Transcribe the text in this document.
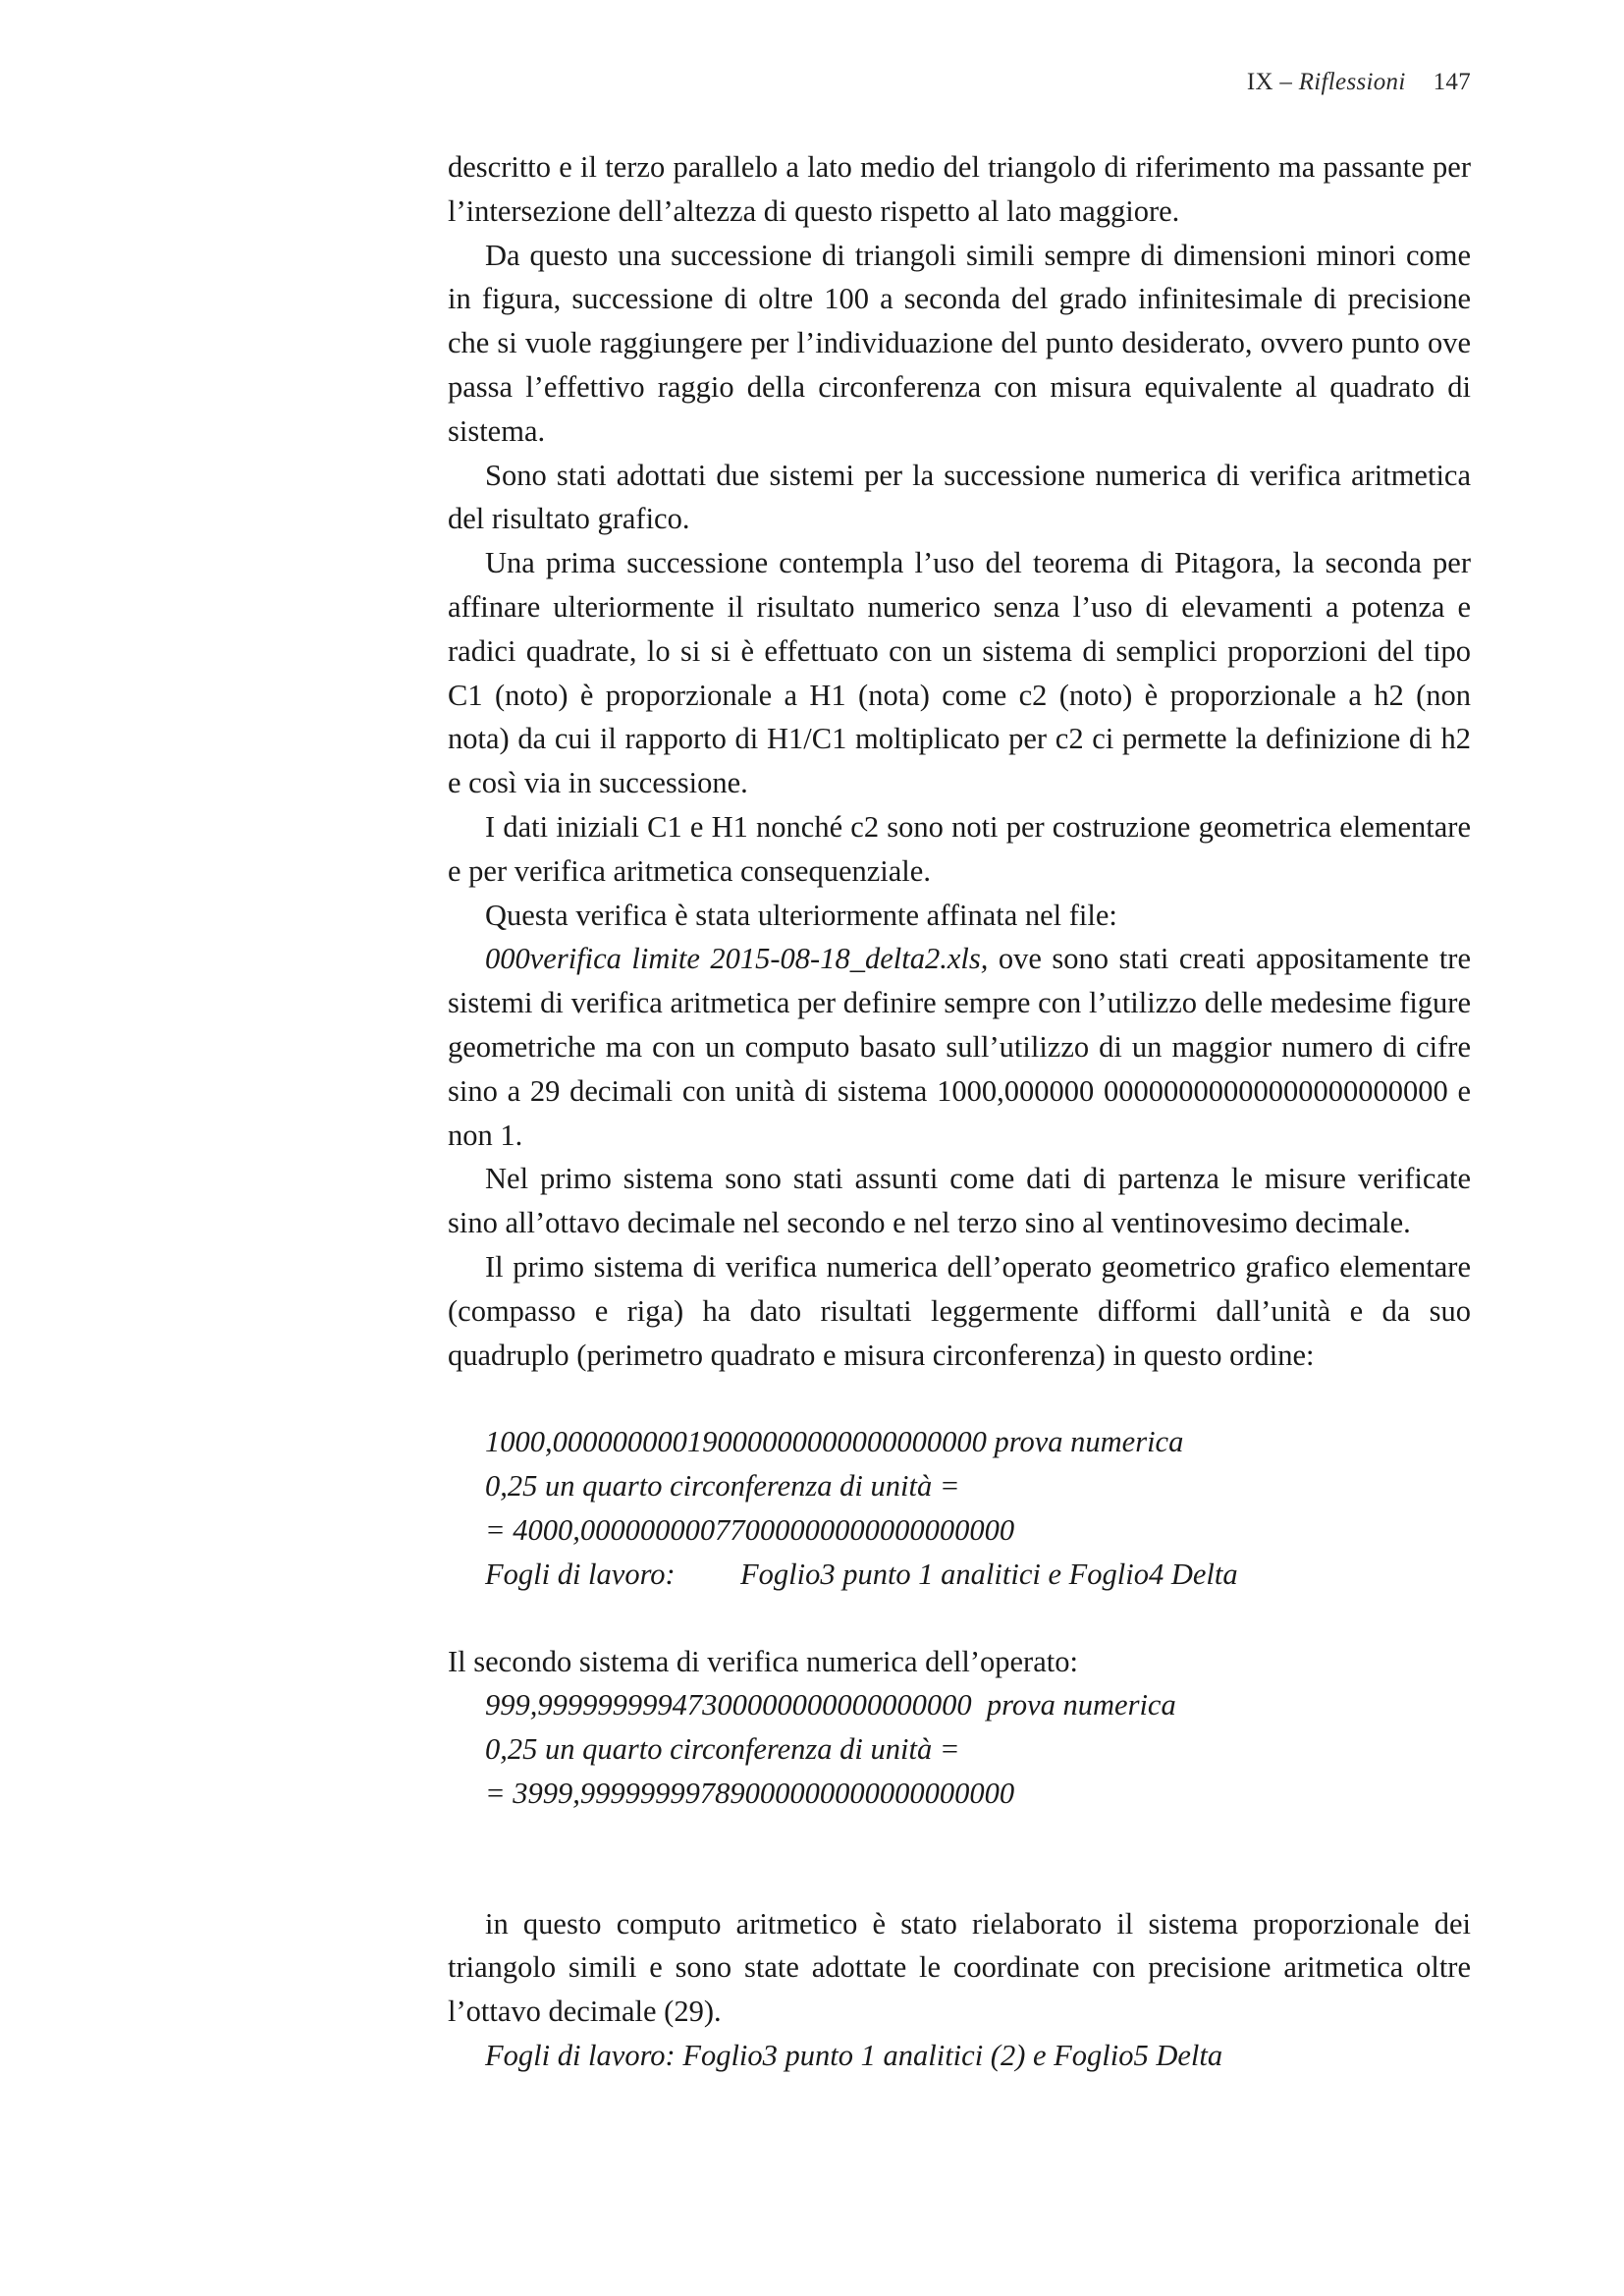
IX – Riflessioni 147

descritto e il terzo parallelo a lato medio del triangolo di riferimento ma passante per l’intersezione dell’altezza di questo rispetto al lato maggiore.

Da questo una successione di triangoli simili sempre di dimensioni minori come in figura, successione di oltre 100 a seconda del grado infinitesimale di precisione che si vuole raggiungere per l’individuazione del punto desiderato, ovvero punto ove passa l’effettivo raggio della circonferenza con misura equivalente al quadrato di sistema.

Sono stati adottati due sistemi per la successione numerica di verifica aritmetica del risultato grafico.

Una prima successione contempla l’uso del teorema di Pitagora, la seconda per affinare ulteriormente il risultato numerico senza l’uso di elevamenti a potenza e radici quadrate, lo si si è effettuato con un sistema di semplici proporzioni del tipo C1 (noto) è proporzionale a H1 (nota) come c2 (noto) è proporzionale a h2 (non nota) da cui il rapporto di H1/C1 moltiplicato per c2 ci permette la definizione di h2 e così via in successione.

I dati iniziali C1 e H1 nonché c2 sono noti per costruzione geometrica elementare e per verifica aritmetica consequenziale.

Questa verifica è stata ulteriormente affinata nel file:

000verifica limite 2015-08-18_delta2.xls, ove sono stati creati appositamente tre sistemi di verifica aritmetica per definire sempre con l’utilizzo delle medesime figure geometriche ma con un computo basato sull’utilizzo di un maggior numero di cifre sino a 29 decimali con unità di sistema 1000,000000 00000000000000000000000 e non 1.

Nel primo sistema sono stati assunti come dati di partenza le misure verificate sino all’ottavo decimale nel secondo e nel terzo sino al ventinovesimo decimale.

Il primo sistema di verifica numerica dell’operato geometrico grafico elementare (compasso e riga) ha dato risultati leggermente difformi dall’unità e da suo quadruplo (perimetro quadrato e misura circonferenza) in questo ordine:

1000,00000000019000000000000000000 prova numerica
0,25 un quarto circonferenza di unità =
= 4000,00000000077000000000000000000
Fogli di lavoro: Foglio3 punto 1 analitici e Foglio4 Delta

Il secondo sistema di verifica numerica dell’operato:

999,99999999947300000000000000000  prova numerica
0,25 un quarto circonferenza di unità =
= 3999,99999999789000000000000000000

in questo computo aritmetico è stato rielaborato il sistema proporzionale dei triangolo simili e sono state adottate le coordinate con precisione aritmetica oltre l’ottavo decimale (29).

Fogli di lavoro: Foglio3 punto 1 analitici (2) e Foglio5 Delta
